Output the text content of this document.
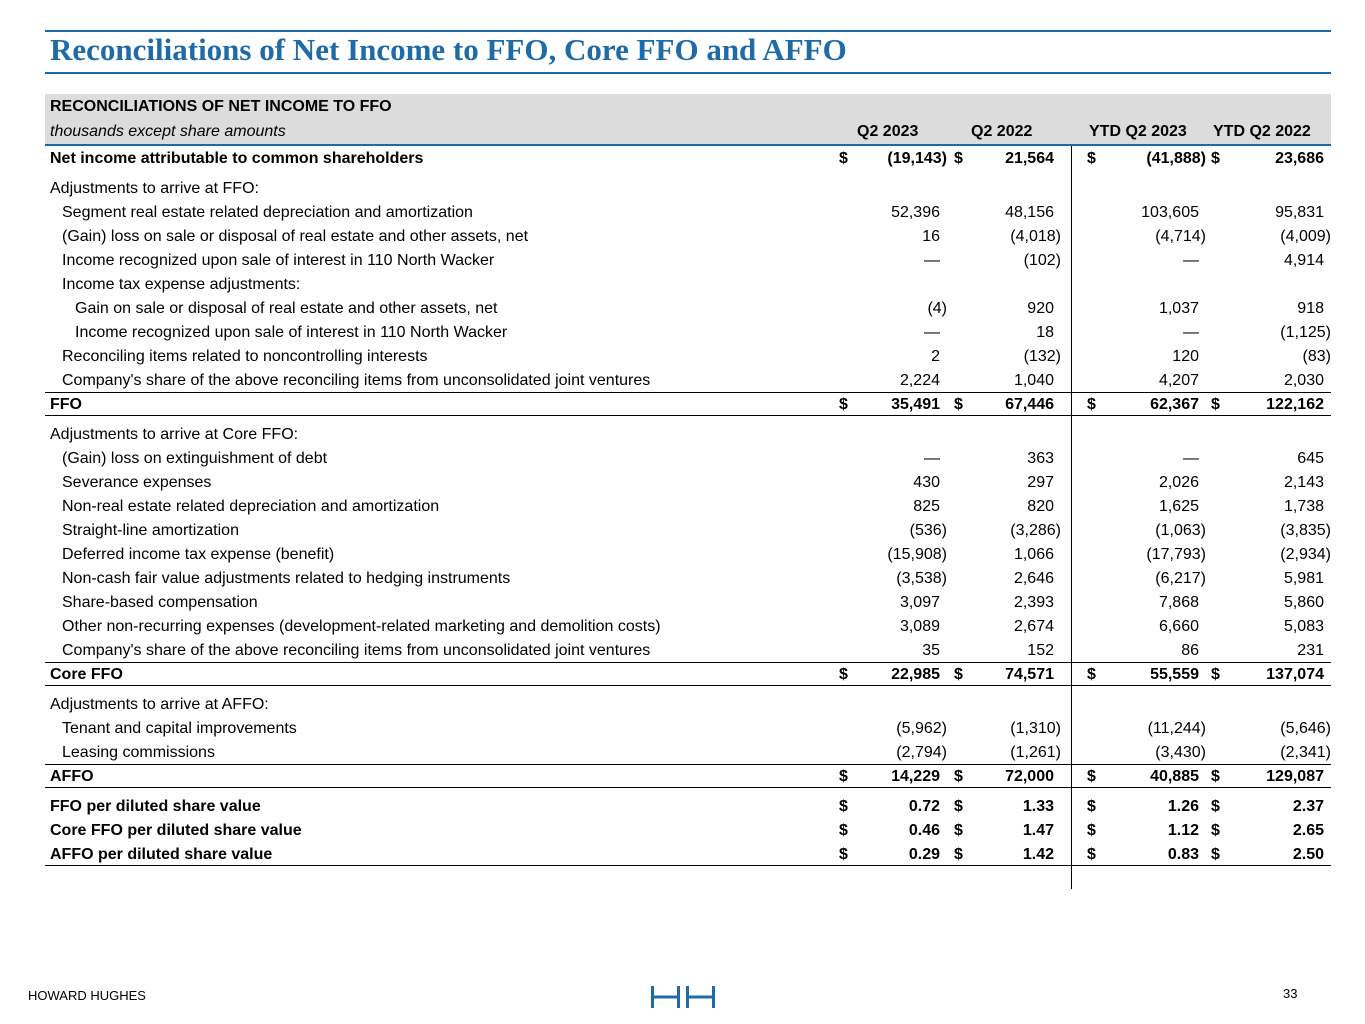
Reconciliations of Net Income to FFO, Core FFO and AFFO
RECONCILIATIONS OF NET INCOME TO FFO
thousands except share amounts	Q2 2023	Q2 2022	YTD Q2 2023 YTD Q2 2022
Net income attributable to common shareholders	$	(19,143) $	21,564 $	(41,888) $	23,686
Adjustments to arrive at FFO:
Segment real estate related depreciation and amortization	52,396	48,156	103,605	95,831
(Gain) loss on sale or disposal of real estate and other assets, net	16	(4,018)	(4,714)	(4,009)
Income recognized upon sale of interest in 110 North Wacker	—	(102)	—	4,914
Income tax expense adjustments:
Gain on sale or disposal of real estate and other assets, net	(4)	920	1,037	918
Income recognized upon sale of interest in 110 North Wacker	—	18	—	(1,125)
Reconciling items related to noncontrolling interests	2	(132)	120	(83)
Company's share of the above reconciling items from unconsolidated joint ventures	2,224	1,040	4,207	2,030
FFO	$	35,491 $	67,446 $	62,367 $	122,162
Adjustments to arrive at Core FFO:
(Gain) loss on extinguishment of debt	—	363	—	645
Severance expenses	430	297	2,026	2,143
Non-real estate related depreciation and amortization	825	820	1,625	1,738
Straight-line amortization	(536)	(3,286)	(1,063)	(3,835)
Deferred income tax expense (benefit)	(15,908)	1,066	(17,793)	(2,934)
Non-cash fair value adjustments related to hedging instruments	(3,538)	2,646	(6,217)	5,981
Share-based compensation	3,097	2,393	7,868	5,860
Other non-recurring expenses (development-related marketing and demolition costs)	3,089	2,674	6,660	5,083
Company's share of the above reconciling items from unconsolidated joint ventures	35	152	86	231
Core FFO	$	22,985 $	74,571 $	55,559 $	137,074
Adjustments to arrive at AFFO:
Tenant and capital improvements	(5,962)	(1,310)	(11,244)	(5,646)
Leasing commissions	(2,794)	(1,261)	(3,430)	(2,341)
AFFO	$	14,229 $	72,000 $	40,885 $	129,087
FFO per diluted share value	$	0.72 $	1.33 $	1.26 $	2.37
Core FFO per diluted share value	$	0.46 $	1.47 $	1.12 $	2.65
AFFO per diluted share value	$	0.29 $	1.42 $	0.83 $	2.50
HOWARD HUGHES	33
